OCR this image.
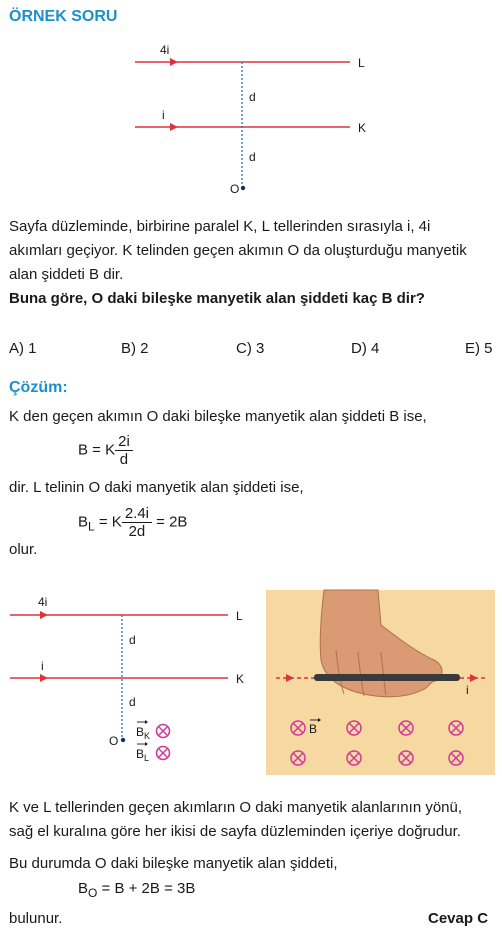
ÖRNEK SORU
4i
L
i
K
d
d
O
Sayfa düzleminde, birbirine paralel K, L tellerinden sırasıyla i, 4i
akımları geçiyor. K telinden geçen akımın O da oluşturduğu manyetik
alan şiddeti B dir.
Buna göre, O daki bileşke manyetik alan şiddeti kaç B dir?
A) 1	B) 2	C) 3	D) 4	E) 5
Çözüm:
K den geçen akımın O daki bileşke manyetik alan şiddeti B ise,
B = K $\frac{2i}{d}$
dir. L telinin O daki manyetik alan şiddeti ise,
$B_L = K \frac{2.4i}{2d} = 2B$
olur.
4i
L
i
K
d
d
O
$B_K$
$B_L$
i
B
K ve L tellerinden geçen akımların O daki manyetik alanlarının yönü,
sağ el kuralına göre her ikisi de sayfa düzleminden içeriye doğrudur.
Bu durumda O daki bileşke manyetik alan şiddeti,
$B_O = B + 2B = 3B$
bulunur.	Cevap C
